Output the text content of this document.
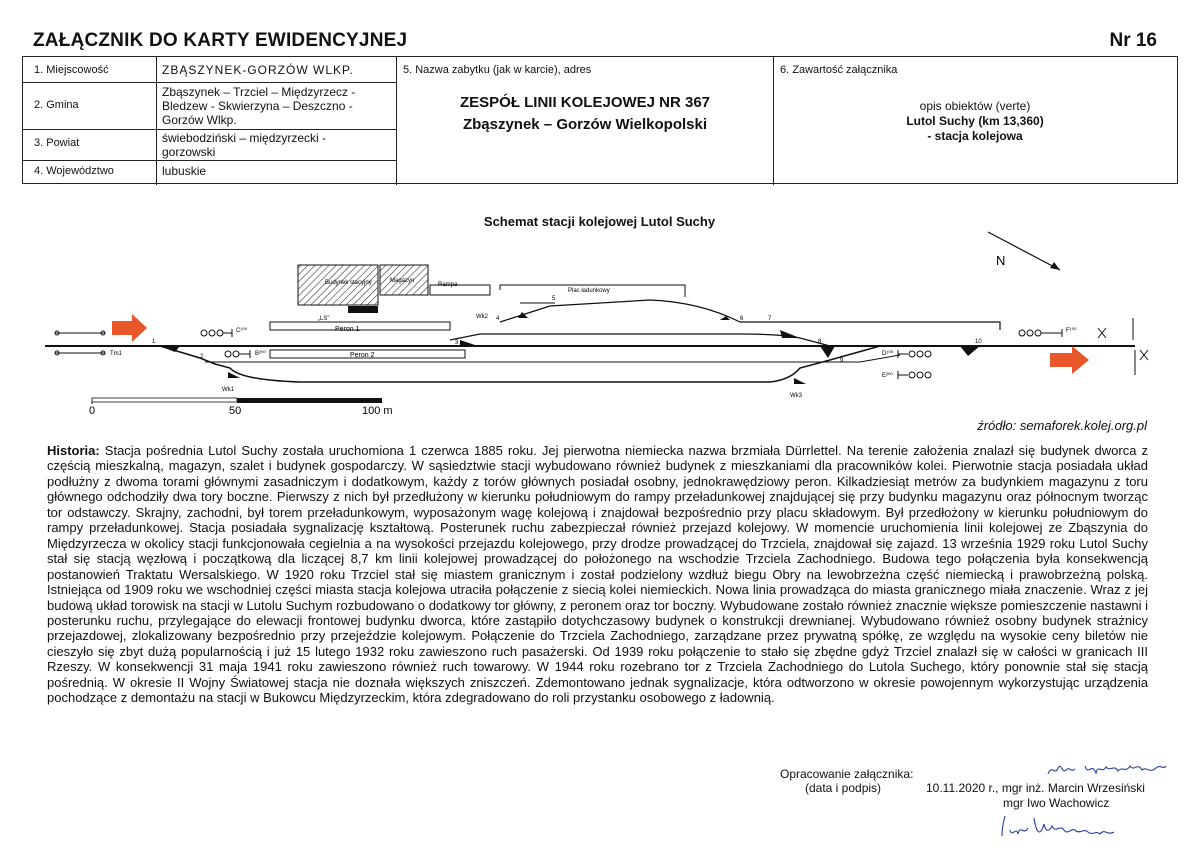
ZAŁĄCZNIK DO KARTY EWIDENCYJNEJ	Nr 16
1. Miejscowość	ZBĄSZYNEK-GORZÓW WLKP.
2. Gmina
Zbąszynek – Trzciel – Międzyrzecz - Bledzew - Skwierzyna – Deszczno - Gorzów Wlkp.
3. Powiat	świebodziński – międzyrzecki - gorzowski
4. Województwo	lubuskie
5. Nazwa zabytku (jak w karcie), adres
ZESPÓŁ LINII KOLEJOWEJ NR 367
Zbąszynek – Gorzów Wielkopolski
6. Zawartość załącznika
opis obiektów (verte)
Lutol Suchy (km 13,360)
- stacja kolejowa
Schemat stacji kolejowej Lutol Suchy
N
Budynek stacyjny	Magazyn
„LS”
Rampa
Plac ładunkowy
Peron 1
Peron 2
1
2
3
4
5
6	7
8
9
10
Wk2
Wk1
Wk3
Tm1
C¹⁰⁰
B²⁰⁰	D¹⁰⁰
E²⁰⁰
F¹⁰⁰
0	50	100 m
źródło: semaforek.kolej.org.pl
Historia: Stacja pośrednia Lutol Suchy została uruchomiona 1 czerwca 1885 roku. Jej pierwotna niemiecka nazwa brzmiała Dürrlettel. Na terenie założenia znalazł się budynek dworca z częścią mieszkalną, magazyn, szalet i budynek gospodarczy. W sąsiedztwie stacji wybudowano również budynek z mieszkaniami dla pracowników kolei. Pierwotnie stacja posiadała układ podłużny z dwoma torami głównymi zasadniczym i dodatkowym, każdy z torów głównych posiadał osobny, jednokrawędziowy peron. Kilkadziesiąt metrów za budynkiem magazynu z toru głównego odchodziły dwa tory boczne. Pierwszy z nich był przedłużony w kierunku południowym do rampy przeładunkowej znajdującej się przy budynku magazynu oraz północnym tworząc tor odstawczy. Skrajny, zachodni, był torem przeładunkowym, wyposażonym wagę kolejową i znajdował bezpośrednio przy placu składowym. Był przedłożony w kierunku południowym do rampy przeładunkowej. Stacja posiadała sygnalizację kształtową. Posterunek ruchu zabezpieczał również przejazd kolejowy. W momencie uruchomienia linii kolejowej ze Zbąszynia do Międzyrzecza w okolicy stacji funkcjonowała cegielnia a na wysokości przejazdu kolejowego, przy drodze prowadzącej do Trzciela, znajdował się zajazd. 13 września 1929 roku Lutol Suchy stał się stacją węzłową i początkową dla liczącej 8,7 km linii kolejowej prowadzącej do położonego na wschodzie Trzciela Zachodniego. Budowa tego połączenia była konsekwencją postanowień Traktatu Wersalskiego. W 1920 roku Trzciel stał się miastem granicznym i został podzielony wzdłuż biegu Obry na lewobrzeżna część niemiecką i prawobrzeżną polską. Istniejąca od 1909 roku we wschodniej części miasta stacja kolejowa utraciła połączenie z siecią kolei niemieckich. Nowa linia prowadząca do miasta granicznego miała znaczenie. Wraz z jej budową układ torowisk na stacji w Lutolu Suchym rozbudowano o dodatkowy tor główny, z peronem oraz tor boczny. Wybudowane zostało również znacznie większe pomieszczenie nastawni i posterunku ruchu, przylegające do elewacji frontowej budynku dworca, które zastąpiło dotychczasowy budynek o konstrukcji drewnianej. Wybudowano również osobny budynek strażnicy przejazdowej, zlokalizowany bezpośrednio przy przejeździe kolejowym. Połączenie do Trzciela Zachodniego, zarządzane przez prywatną spółkę, ze względu na wysokie ceny biletów nie cieszyło się zbyt dużą popularnością i już 15 lutego 1932 roku zawieszono ruch pasażerski. Od 1939 roku połączenie to stało się zbędne gdyż Trzciel znalazł się w całości w granicach III Rzeszy. W konsekwencji 31 maja 1941 roku zawieszono również ruch towarowy. W 1944 roku rozebrano tor z Trzciela Zachodniego do Lutola Suchego, który ponownie stał się stacją pośrednią. W okresie II Wojny Światowej stacja nie doznała większych zniszczeń. Zdemontowano jednak sygnalizacje, która odtworzono w okresie powojennym wykorzystując urządzenia pochodzące z demontażu na stacji w Bukowcu Międzyrzeckim, która zdegradowano do roli przystanku osobowego z ładownią.
Opracowanie załącznika:
(data i podpis)	10.11.2020 r., mgr inż. Marcin Wrzesiński
mgr Iwo Wachowicz
